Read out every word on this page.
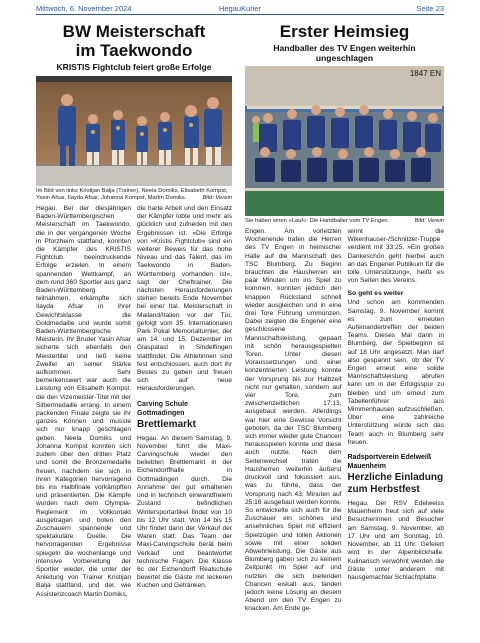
Mittwoch, 6. November 2024	HegauKurier	Seite 23
BW Meisterschaft
im Taekwondo
KRISTIS Fightclub feiert große Erfolge
Im Bild von links Kristijan Balja (Trainer), Neela Domiks, Elisabeth Kompst, Yasin Afsar, Ilayda Afsar, Johanna Kompst, Martin Domiks.	Bild: Verein

Hegau. Bei der diesjährigen Baden-Württembergischen Meisterschaft im Taekwondo, die in der vergangenen Woche in Pforzheim stattfand, konnten die Kämpfer des KRISTIS Fightclub beeindruckende Erfolge erzielen. In einem spannenden Wettkampf, an dem rund 360 Sportler aus ganz Baden-Württemberg teilnahmen, erkämpfte sich Ilayda Afsar in ihrer Gewichtsklasse die Goldmedaille und wurde somit Baden-Württembergische Meisterin. Ihr Bruder Yasin Afsar sicherte sich ebenfalls den Meistertitel und ließ keine Zweifel an seiner Stärke aufkommen. Sehr bemerkenswert war auch die Leistung von Elisabeth Kompst, die den Vizemeister-Titel mit der Silbermedaille errang. In einem packenden Finale zeigte sie ihr ganzes Können und musste sich nur knapp geschlagen geben. Neela Domiks und Johanna Kompst konnten sich zudem über den dritten Platz und somit die Bronzemedaille freuen, nachdem sie sich in ihren Kategorien hervorragend bis ins Halbfinale vorkämpften und präsentierten. Die Kämpfe wurden nach dem Olympia-Reglement im Vollkontakt ausgetragen und boten den Zuschauern spannende und spektakuläre Duelle. Die hervorragenden Ergebnisse spiegeln die wochenlange und intensive Vorbereitung der Sportler wieder, die unter der Anleitung von Trainer Kristijan Balja stattfand, und der, wie Assistenzcoach Martin Domiks,

die harte Arbeit und den Einsatz der Kämpfer lobte und mehr als glücklich und zufrieden mit den Ergebnissen ist. »Die Erfolge von »Kristis Fightclub« sind ein weiterer Beweis für das hohe Niveau und das Talent, das im Taekwondo in Baden-Württemberg vorhanden ist«, sagt der Cheftrainer. Die nächsten Herausforderungen stehen bereits Ende November bei einer Ital. Meisterschaft in Mailand/Italien vor der Tür, gefolgt vom 35. Internationalen Park Pokal Memorialturnier, der am 14. und 15. Dezember im Glaspalast in Sindelfingen stattfindet. Die Athletinnen sind fest entschlossen, auch dort ihr Bestes zu geben und freuen sich auf neue Herausforderungen.

Carving Schule Gottmadingen
Brettlemarkt

Hegau. An diesem Samstag, 9. November führt die Maxi-Carvingschule wieder den beliebten Brettlemarkt in der Eichendorffhalle in Gottmadingen durch. Die Annahme der gut erhaltenen und in technisch einwandfreiem Zustand befindlichen Wintersportartikel findet von 10 bis 12 Uhr statt. Von 14 bis 15 Uhr findet dann der Verkauf der Waren statt. Das Team der Maxi-Carvingschule berät beim Verkauf und beantwortet technische Fragen. Die Klasse 6c der Eichendorff Realschule bewirtet die Gäste mit leckeren Kuchen und Getränken.

Erster Heimsieg
Handballer des TV Engen weiterhin ungeschlagen
1847 EN
Sie haben einen »Lauf«: Die Handballer vom TV Engen.	Bild: Verein

Engen. Am vorletzten Wochenende trafen die Herren des TV Engen in heimischer Halle auf die Mannschaft des TSC Blumberg. Zu Beginn brauchten die Hausherren ein paar Minuten um ins Spiel zu kommen, konnten jedoch den knappen Rückstand schnell wieder ausgleichen und in eine drei Tore Führung ummünzen. Dabei zeigten die Engener eine geschlossene Mannschaftsleistung, gepaart mit schön herausgespielten Toren. Unter diesen Voraussetzungen und einer konzentrierten Leistung konnte der Vorsprung bis zur Halbzeit nicht nur gehalten, sondern auf vier Tore, zum zwischenzeitlichen 17:13, ausgebaut werden. Allerdings war hier eine Gewisse Vorsicht geboten, da der TSC Blumberg sich immer wieder gute Chancen herausspielen konnte und diese auch nutzte. Nach dem Seitenwechsel traten die Hausherren weiterhin äußerst druckvoll und fokussiert aus, was zu führte, dass der Vorsprung nach 43. Minuten auf 25:16 ausgebaut werden konnte. So entwickelte sich auch für die Zuschauer ein schönes und ansehnliches Spiel mit effizient Spielzügen und tollen Aktionen sowie mit einer soliden Abwehrleistung. Die Gäste aus Blumberg gaben sich zu keinem Zeitpunkt im Spiel auf und nutzten die sich bietenden Chancen eiskalt aus, fanden jedoch keine Lösung an diesem Abend um den TV Engen zu knacken. Am Ende ge-

winnt die Wikenhauser-/Schnitzer-Truppe verdient mit 33:25. »Ein großes Dankeschön geht hierbei auch an das Engener Publikum für die tolle Unterstützung«, heißt es von Seiten des Vereins.

So geht es weiter

Und schon am kommenden Samstag, 9. November kommt es zum erneuten Aufeinandertreffen der beiden Teams. Dieses Mal dann in Blumberg, der Spielbeginn ist auf 18 Uhr angesetzt. Man darf also gespannt sein, ob der TV Engen erneut eine solide Mannschaftsleistung abrufen kann um in der Erfolgsspur zu bleiben und um erneut zum Tabellenführer aus Mimmenhausen aufzuschließen. Über eine zahlreiche Unterstützung würde sich das Team auch in Blumberg sehr freuen.

Radsportverein Edelweiß Mauenheim
Herzliche Einladung zum Herbstfest

Hegau. Der RSV Edelweiss Mauenheim freut sich auf viele Besucherinnen und Besucher am Samstag, 9. November, ab 17 Uhr und am Sonntag, 10. November, ab 11 Uhr. Gefeiert wird in der Alpenblickhalle. Kulinarisch verwöhnt werden die Gäste unter anderem mit hausgemachter Schlachtplatte.
